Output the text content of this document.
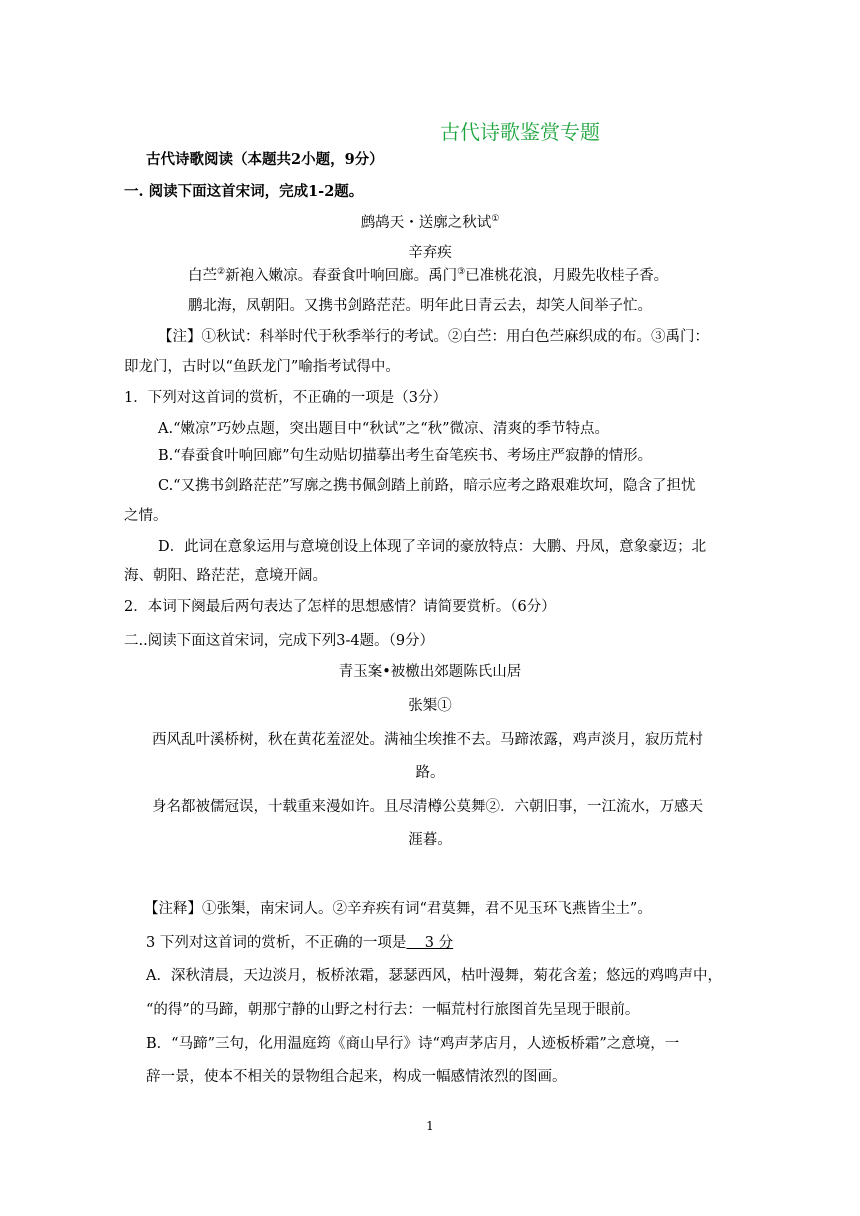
古代诗歌鉴赏专题
古代诗歌阅读（本题共2小题，9分）
一. 阅读下面这首宋词，完成1-2题。
鹧鸪天・送廓之秋试①
辛弃疾
白苎②新袍入嫩凉。春蚕食叶响回廊。禹门③已准桃花浪，月殿先收桂子香。
鹏北海，凤朝阳。又携书剑路茫茫。明年此日青云去，却笑人间举子忙。
【注】①秋试：科举时代于秋季举行的考试。②白苎：用白色苎麻织成的布。③禹门：
即龙门，古时以“鱼跃龙门”喻指考试得中。
1．下列对这首词的赏析，不正确的一项是（3分）
A.“嫩凉”巧妙点题，突出题目中“秋试”之“秋”微凉、清爽的季节特点。
B.“春蚕食叶响回廊”句生动贴切描摹出考生奋笔疾书、考场庄严寂静的情形。
C.“又携书剑路茫茫”写廓之携书佩剑踏上前路，暗示应考之路艰难坎坷，隐含了担忧
之情。
D．此词在意象运用与意境创设上体现了辛词的豪放特点：大鹏、丹凤，意象豪迈；北
海、朝阳、路茫茫，意境开阔。
2．本词下阕最后两句表达了怎样的思想感情？请简要赏析。（6分）
二..阅读下面这首宋词，完成下列3-4题。（9分）
青玉案•被檄出郊题陈氏山居
张榘①
西风乱叶溪桥树，秋在黄花羞涩处。满袖尘埃推不去。马蹄浓露，鸡声淡月，寂历荒村
路。
身名都被儒冠误，十载重来漫如许。且尽清樽公莫舞②．六朝旧事，一江流水，万感天
涯暮。
【注释】①张榘，南宋词人。②辛弃疾有词“君莫舞，君不见玉环飞燕皆尘土”。
3 下列对这首词的赏析，不正确的一项是    3 分
A．深秋清晨，天边淡月，板桥浓霜，瑟瑟西风，枯叶漫舞，菊花含羞；悠远的鸡鸣声中，
“的得”的马蹄，朝那宁静的山野之村行去：一幅荒村行旅图首先呈现于眼前。
B．“马蹄”三句，化用温庭筠《商山早行》诗“鸡声茅店月，人迹板桥霜”之意境，一
辞一景，使本不相关的景物组合起来，构成一幅感情浓烈的图画。
1
